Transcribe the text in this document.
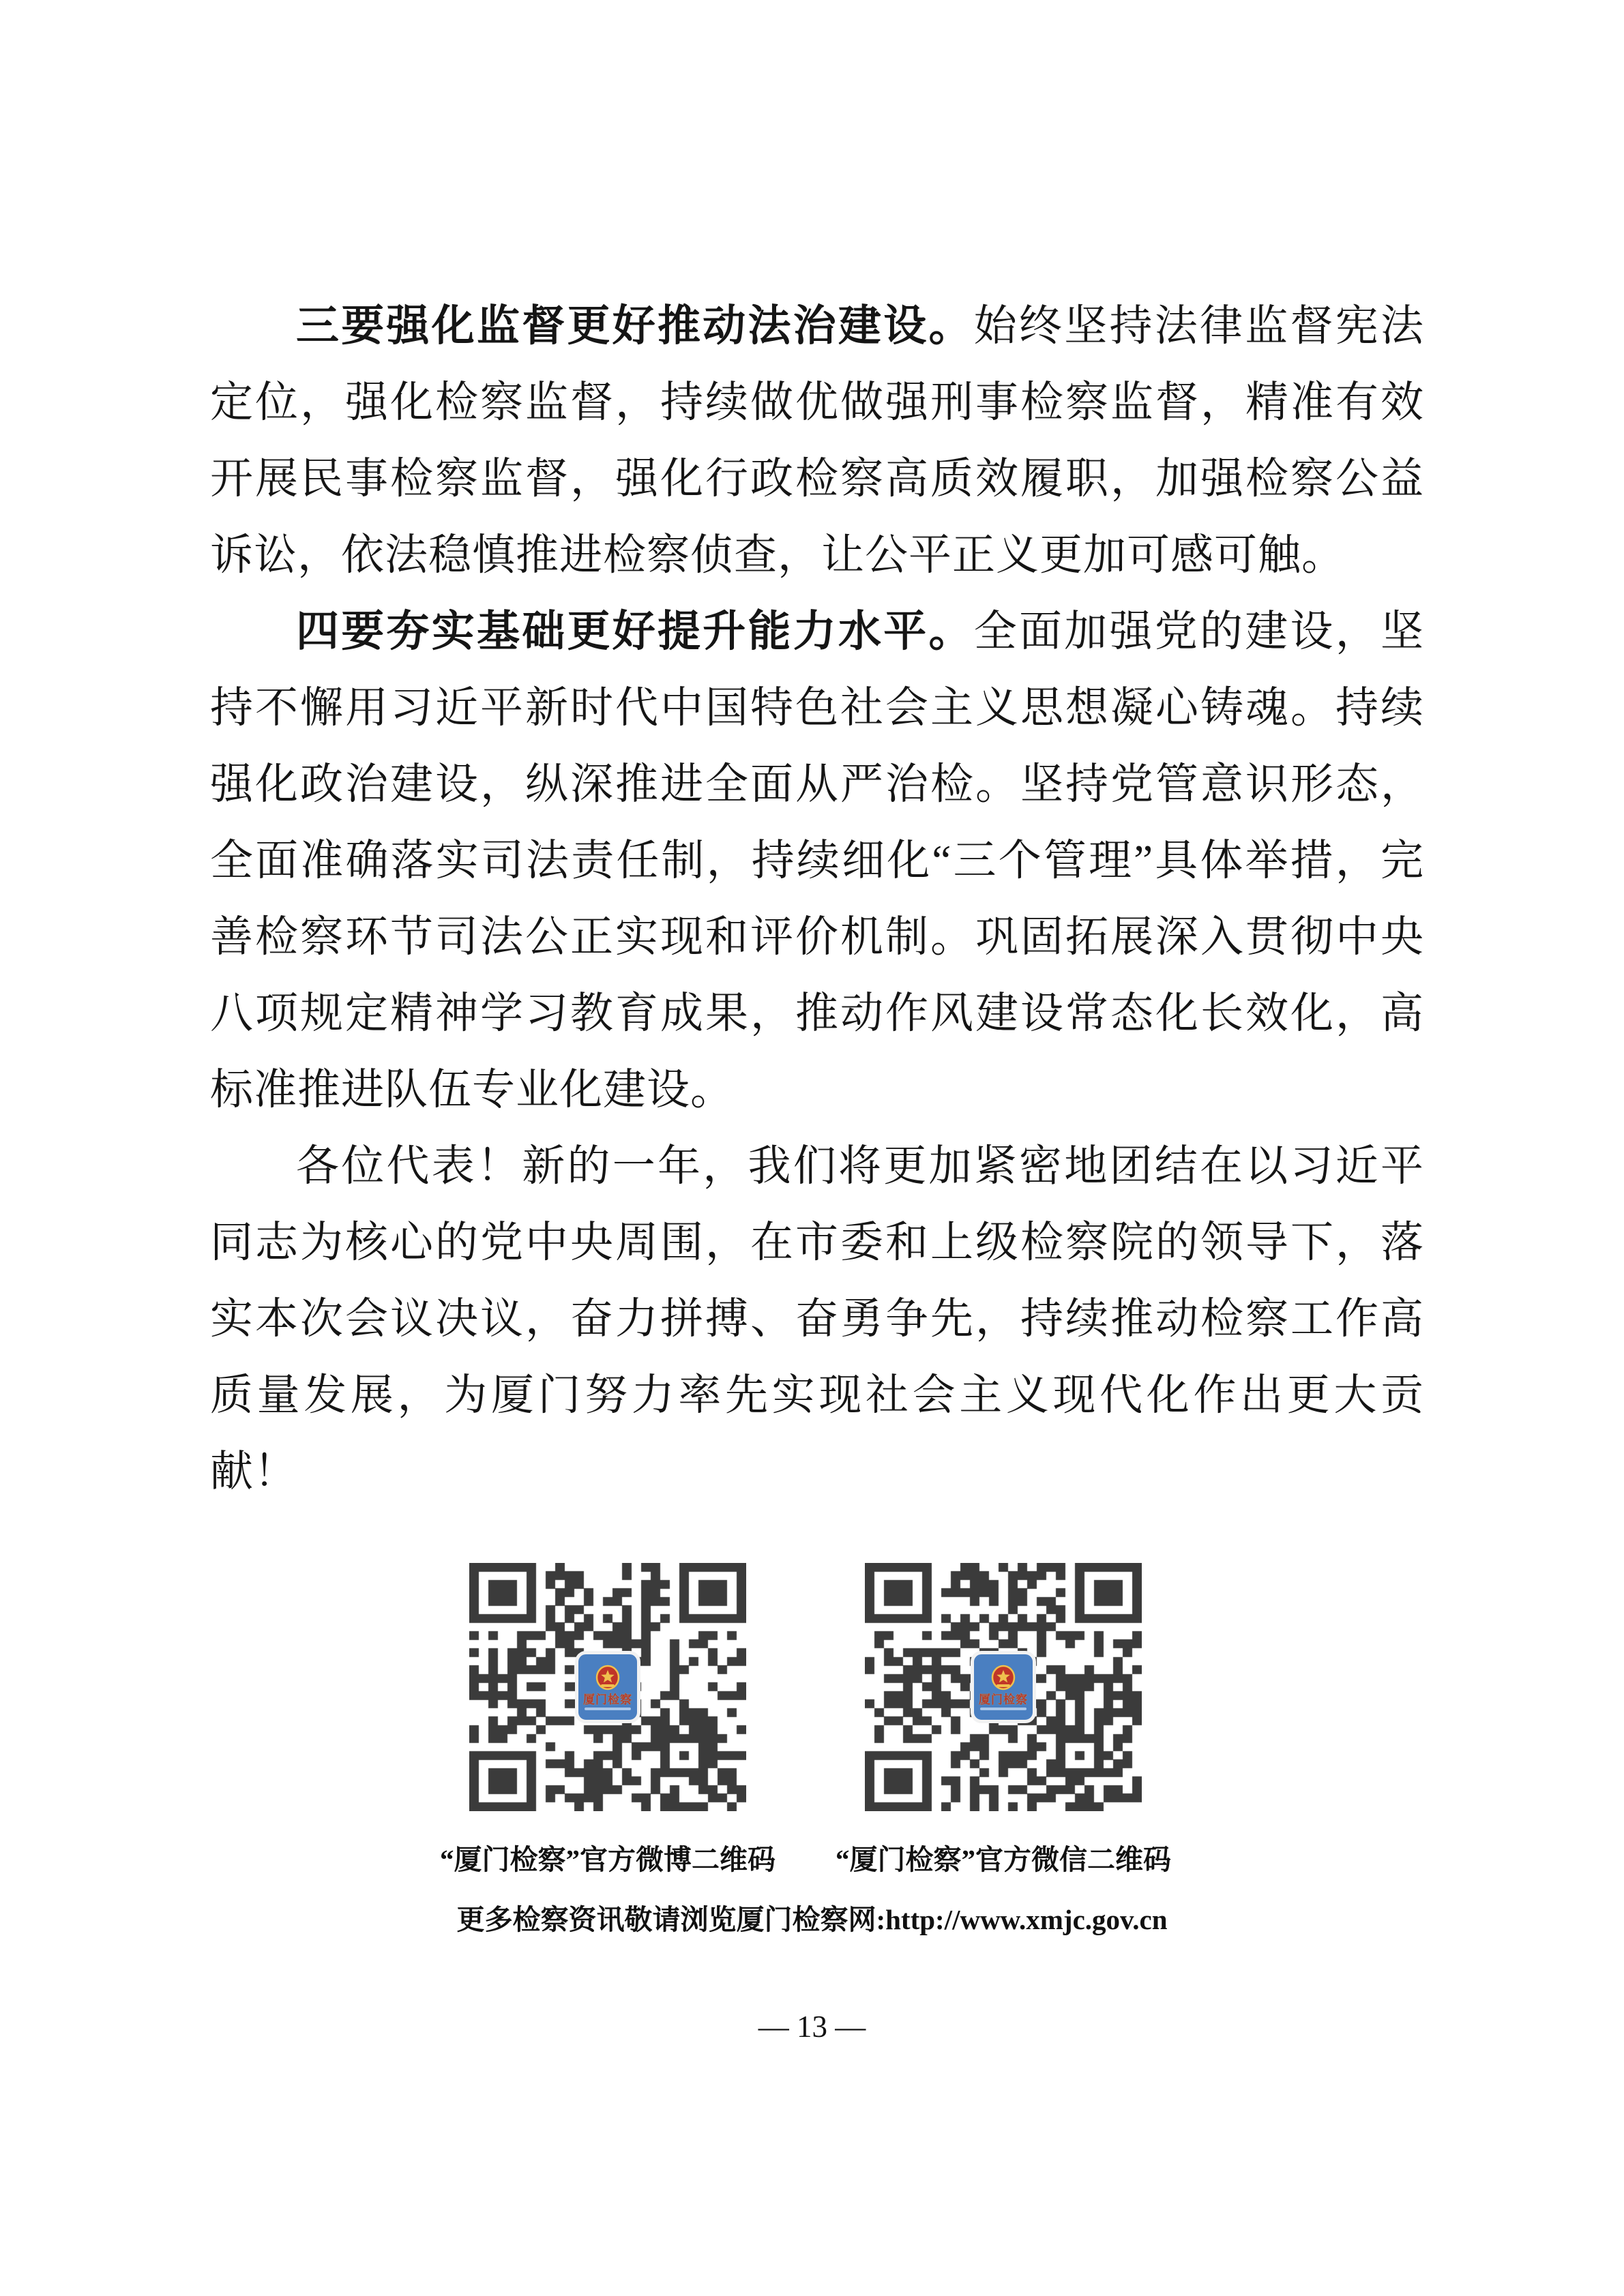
三要强化监督更好推动法治建设。始终坚持法律监督宪法定位，强化检察监督，持续做优做强刑事检察监督，精准有效开展民事检察监督，强化行政检察高质效履职，加强检察公益诉讼，依法稳慎推进检察侦查，让公平正义更加可感可触。

四要夯实基础更好提升能力水平。全面加强党的建设，坚持不懈用习近平新时代中国特色社会主义思想凝心铸魂。持续强化政治建设，纵深推进全面从严治检。坚持党管意识形态，全面准确落实司法责任制，持续细化“三个管理”具体举措，完善检察环节司法公正实现和评价机制。巩固拓展深入贯彻中央八项规定精神学习教育成果，推动作风建设常态化长效化，高标准推进队伍专业化建设。

各位代表！新的一年，我们将更加紧密地团结在以习近平同志为核心的党中央周围，在市委和上级检察院的领导下，落实本次会议决议，奋力拼搏、奋勇争先，持续推动检察工作高质量发展，为厦门努力率先实现社会主义现代化作出更大贡献！

厦门检察	厦门检察
“厦门检察”官方微博二维码	“厦门检察”官方微信二维码
更多检察资讯敬请浏览厦门检察网:http://www.xmjc.gov.cn
— 13 —
